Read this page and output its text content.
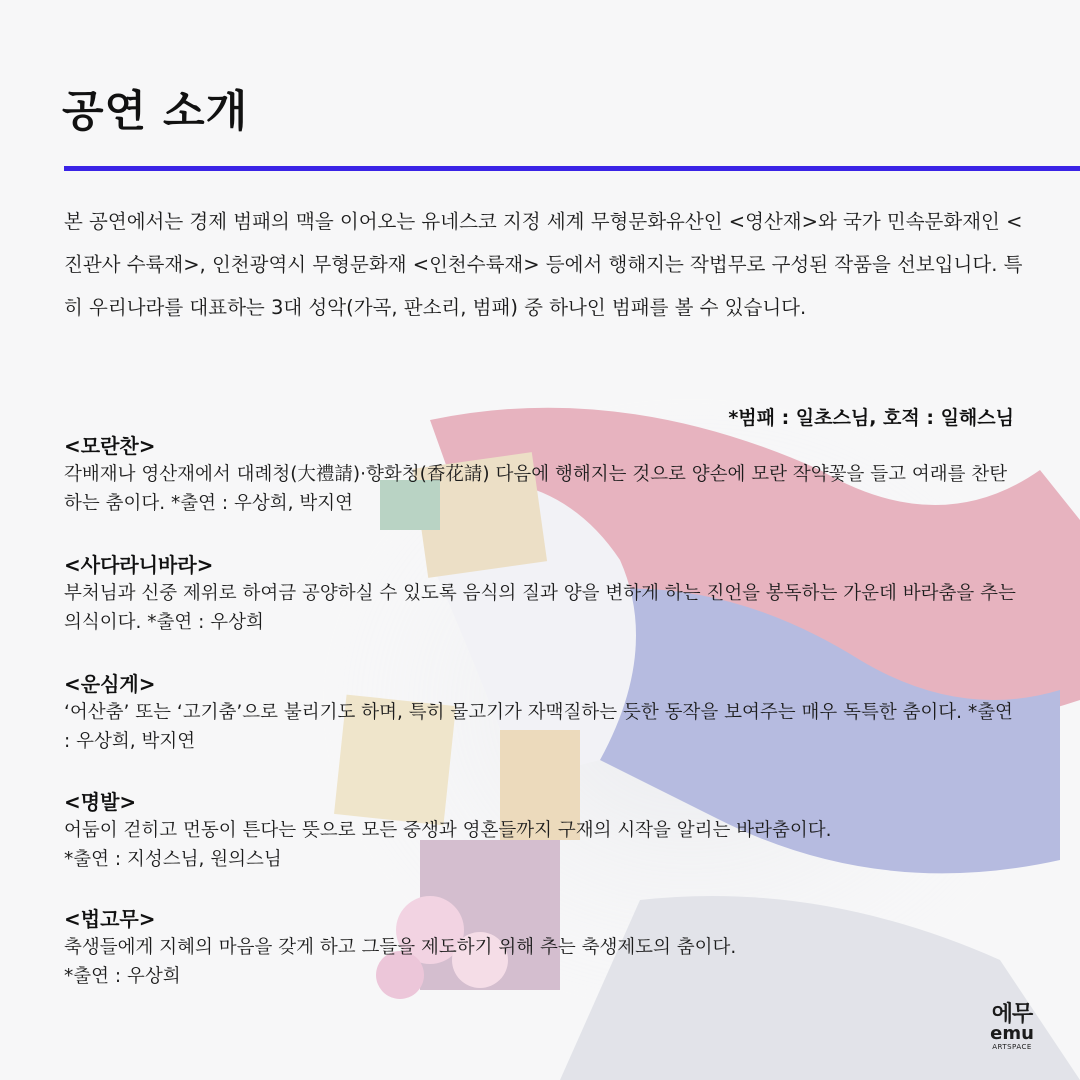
공연 소개

본 공연에서는 경제 범패의 맥을 이어오는 유네스코 지정 세계 무형문화유산인 <영산재>와 국가 민속문화재인 <진관사 수륙재>, 인천광역시 무형문화재 <인천수륙재> 등에서 행해지는 작법무로 구성된 작품을 선보입니다. 특히 우리나라를 대표하는 3대 성악(가곡, 판소리, 범패) 중 하나인 범패를 볼 수 있습니다.

*범패 : 일초스님, 호적 : 일해스님
<모란찬>

각배재나 영산재에서 대례청(大禮請)·향화청(香花請) 다음에 행해지는 것으로 양손에 모란 작약꽃을 들고 여래를 찬탄하는 춤이다. *출연 : 우상희, 박지연

<사다라니바라>

부처님과 신중 제위로 하여금 공양하실 수 있도록 음식의 질과 양을 변하게 하는 진언을 봉독하는 가운데 바라춤을 추는 의식이다. *출연 : 우상희

<운심게>

‘어산춤’ 또는 ‘고기춤’으로 불리기도 하며, 특히 물고기가 자맥질하는 듯한 동작을 보여주는 매우 독특한 춤이다. *출연 : 우상희, 박지연

<명발>

어둠이 걷히고 먼동이 튼다는 뜻으로 모든 중생과 영혼들까지 구재의 시작을 알리는 바라춤이다.

*출연 : 지성스님, 원의스님

<법고무>

축생들에게 지혜의 마음을 갖게 하고 그들을 제도하기 위해 추는 축생제도의 춤이다.

*출연 : 우상희

에무
emu
ARTSPACE
